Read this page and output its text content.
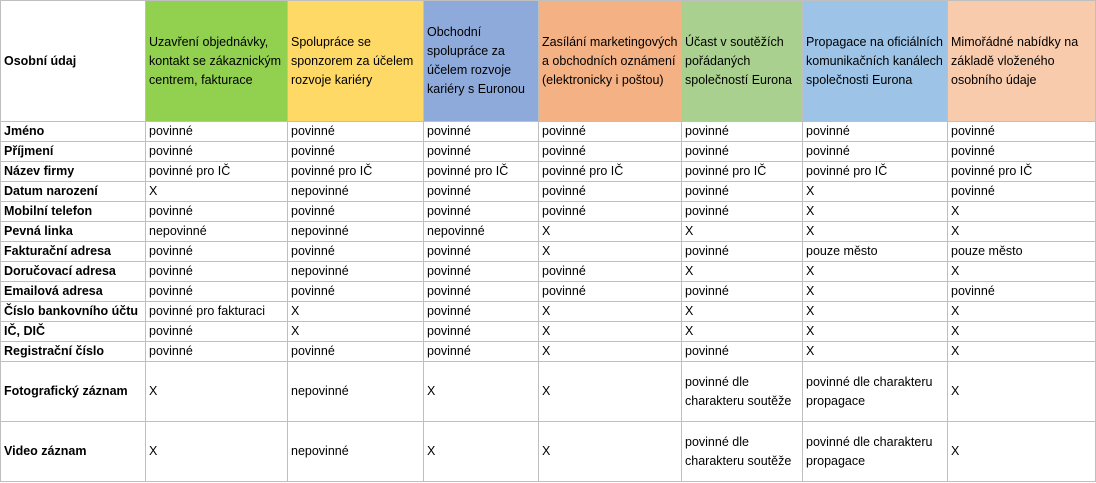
Osobní údaj	Uzavření objednávky, kontakt se zákaznickým centrem, fakturace	Spolupráce se sponzorem za účelem rozvoje kariéry	Obchodní spolupráce za účelem rozvoje kariéry s Euronou	Zasílání marketingových a obchodních oznámení (elektronicky i poštou)	Účast v soutěžích pořádaných společností Eurona	Propagace na oficiálních komunikačních kanálech společnosti Eurona	Mimořádné nabídky na základě vloženého osobního údaje
Jméno	povinné	povinné	povinné	povinné	povinné	povinné	povinné
Příjmení	povinné	povinné	povinné	povinné	povinné	povinné	povinné
Název firmy	povinné pro IČ	povinné pro IČ	povinné pro IČ	povinné pro IČ	povinné pro IČ	povinné pro IČ	povinné pro IČ
Datum narození	X	nepovinné	povinné	povinné	povinné	X	povinné
Mobilní telefon	povinné	povinné	povinné	povinné	povinné	X	X
Pevná linka	nepovinné	nepovinné	nepovinné	X	X	X	X
Fakturační adresa	povinné	povinné	povinné	X	povinné	pouze město	pouze město
Doručovací adresa	povinné	nepovinné	povinné	povinné	X	X	X
Emailová adresa	povinné	povinné	povinné	povinné	povinné	X	povinné
Číslo bankovního účtu	povinné pro fakturaci	X	povinné	X	X	X	X
IČ, DIČ	povinné	X	povinné	X	X	X	X
Registrační číslo	povinné	povinné	povinné	X	povinné	X	X
Fotografický záznam	X	nepovinné	X	X	povinné dle charakteru soutěže	povinné dle charakteru propagace	X
Video záznam	X	nepovinné	X	X	povinné dle charakteru soutěže	povinné dle charakteru propagace	X
